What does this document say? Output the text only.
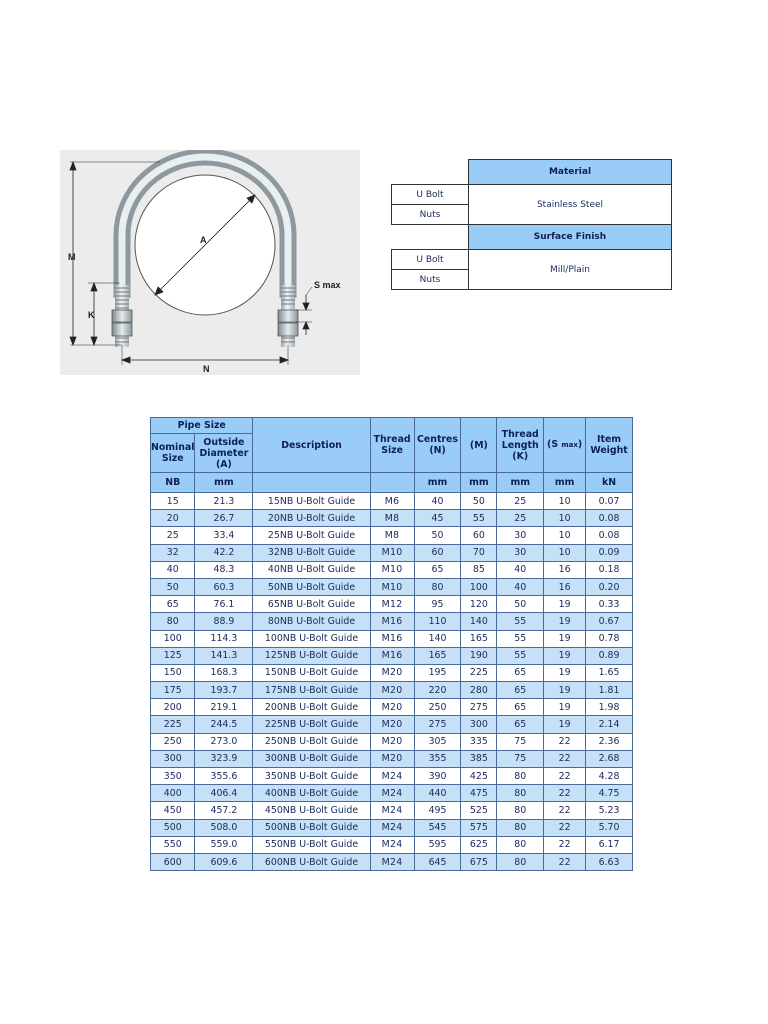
M
K
A
N
S max
	Material
U Bolt	Stainless Steel
Nuts	
	Surface Finish
U Bolt	Mill/Plain
Nuts	
Pipe Size		Description	Thread Size	Centres (N)	(M)	Thread Length (K)	(S max)	Item Weight
Nominal Size	Outside Diameter (A)							
NB	mm			mm	mm	mm	mm	kN
15	21.3	15NB U-Bolt Guide	M6	40	50	25	10	0.07
20	26.7	20NB U-Bolt Guide	M8	45	55	25	10	0.08
25	33.4	25NB U-Bolt Guide	M8	50	60	30	10	0.08
32	42.2	32NB U-Bolt Guide	M10	60	70	30	10	0.09
40	48.3	40NB U-Bolt Guide	M10	65	85	40	16	0.18
50	60.3	50NB U-Bolt Guide	M10	80	100	40	16	0.20
65	76.1	65NB U-Bolt Guide	M12	95	120	50	19	0.33
80	88.9	80NB U-Bolt Guide	M16	110	140	55	19	0.67
100	114.3	100NB U-Bolt Guide	M16	140	165	55	19	0.78
125	141.3	125NB U-Bolt Guide	M16	165	190	55	19	0.89
150	168.3	150NB U-Bolt Guide	M20	195	225	65	19	1.65
175	193.7	175NB U-Bolt Guide	M20	220	280	65	19	1.81
200	219.1	200NB U-Bolt Guide	M20	250	275	65	19	1.98
225	244.5	225NB U-Bolt Guide	M20	275	300	65	19	2.14
250	273.0	250NB U-Bolt Guide	M20	305	335	75	22	2.36
300	323.9	300NB U-Bolt Guide	M20	355	385	75	22	2.68
350	355.6	350NB U-Bolt Guide	M24	390	425	80	22	4.28
400	406.4	400NB U-Bolt Guide	M24	440	475	80	22	4.75
450	457.2	450NB U-Bolt Guide	M24	495	525	80	22	5.23
500	508.0	500NB U-Bolt Guide	M24	545	575	80	22	5.70
550	559.0	550NB U-Bolt Guide	M24	595	625	80	22	6.17
600	609.6	600NB U-Bolt Guide	M24	645	675	80	22	6.63
